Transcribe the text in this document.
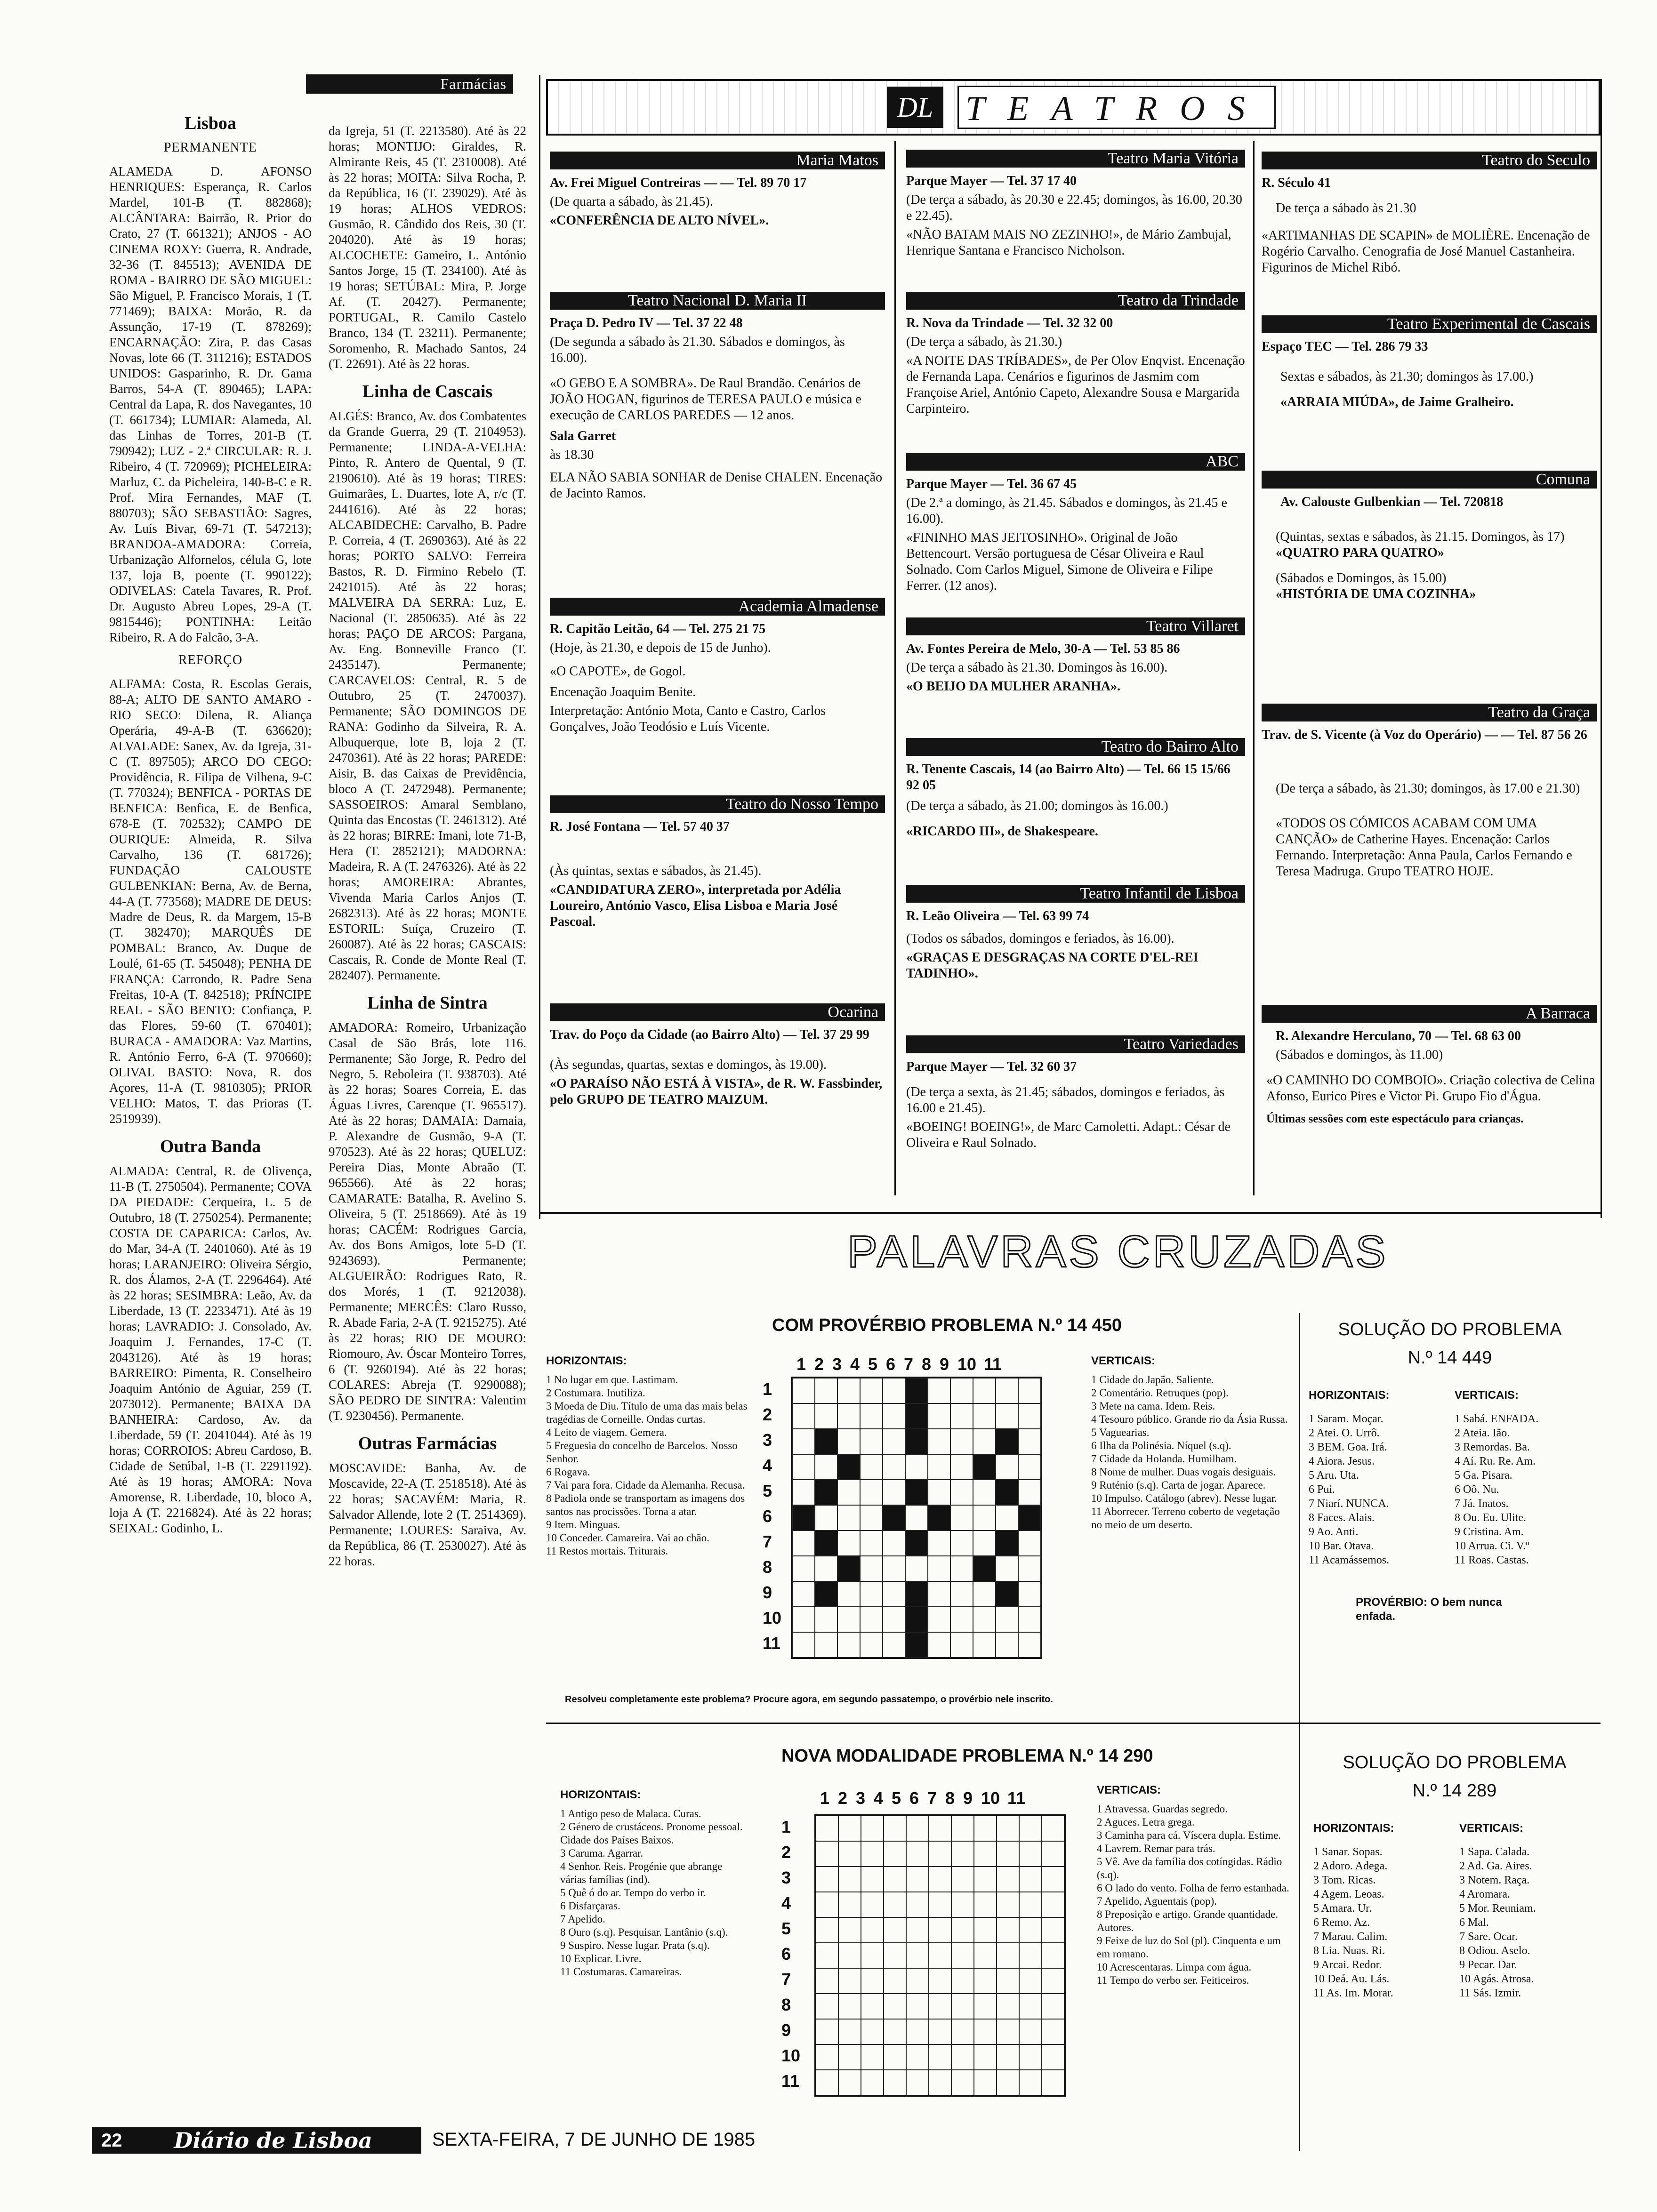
Farmácias
Lisboa
PERMANENTE

ALAMEDA D. AFONSO HENRIQUES: Esperança, R. Carlos Mardel, 101-B (T. 882868); ALCÂNTARA: Bairrão, R. Prior do Crato, 27 (T. 661321); ANJOS - AO CINEMA ROXY: Guerra, R. Andrade, 32-36 (T. 845513); AVENIDA DE ROMA - BAIRRO DE SÃO MIGUEL: São Miguel, P. Francisco Morais, 1 (T. 771469); BAIXA: Morão, R. da Assunção, 17-19 (T. 878269); ENCARNAÇÃO: Zira, P. das Casas Novas, lote 66 (T. 311216); ESTADOS UNIDOS: Gasparinho, R. Dr. Gama Barros, 54-A (T. 890465); LAPA: Central da Lapa, R. dos Navegantes, 10 (T. 661734); LUMIAR: Alameda, Al. das Linhas de Torres, 201-B (T. 790942); LUZ - 2.ª CIRCULAR: R. J. Ribeiro, 4 (T. 720969); PICHELEIRA: Marluz, C. da Picheleira, 140-B-C e R. Prof. Mira Fernandes, MAF (T. 880703); SÃO SEBASTIÃO: Sagres, Av. Luís Bivar, 69-71 (T. 547213); BRANDOA-AMADORA: Correia, Urbanização Alfornelos, célula G, lote 137, loja B, poente (T. 990122); ODIVELAS: Catela Tavares, R. Prof. Dr. Augusto Abreu Lopes, 29-A (T. 9815446); PONTINHA: Leitão Ribeiro, R. A do Falcão, 3-A.

REFORÇO

ALFAMA: Costa, R. Escolas Gerais, 88-A; ALTO DE SANTO AMARO - RIO SECO: Dilena, R. Aliança Operária, 49-A-B (T. 636620); ALVALADE: Sanex, Av. da Igreja, 31-C (T. 897505); ARCO DO CEGO: Providência, R. Filipa de Vilhena, 9-C (T. 770324); BENFICA - PORTAS DE BENFICA: Benfica, E. de Benfica, 678-E (T. 702532); CAMPO DE OURIQUE: Almeida, R. Silva Carvalho, 136 (T. 681726); FUNDAÇÃO CALOUSTE GULBENKIAN: Berna, Av. de Berna, 44-A (T. 773568); MADRE DE DEUS: Madre de Deus, R. da Margem, 15-B (T. 382470); MARQUÊS DE POMBAL: Branco, Av. Duque de Loulé, 61-65 (T. 545048); PENHA DE FRANÇA: Carrondo, R. Padre Sena Freitas, 10-A (T. 842518); PRÍNCIPE REAL - SÃO BENTO: Confiança, P. das Flores, 59-60 (T. 670401); BURACA - AMADORA: Vaz Martins, R. António Ferro, 6-A (T. 970660); OLIVAL BASTO: Nova, R. dos Açores, 11-A (T. 9810305); PRIOR VELHO: Matos, T. das Prioras (T. 2519939).

Outra Banda

ALMADA: Central, R. de Olivença, 11-B (T. 2750504). Permanente; COVA DA PIEDADE: Cerqueira, L. 5 de Outubro, 18 (T. 2750254). Permanente; COSTA DE CAPARICA: Carlos, Av. do Mar, 34-A (T. 2401060). Até às 19 horas; LARANJEIRO: Oliveira Sérgio, R. dos Álamos, 2-A (T. 2296464). Até às 22 horas; SESIMBRA: Leão, Av. da Liberdade, 13 (T. 2233471). Até às 19 horas; LAVRADIO: J. Consolado, Av. Joaquim J. Fernandes, 17-C (T. 2043126). Até às 19 horas; BARREIRO: Pimenta, R. Conselheiro Joaquim António de Aguiar, 259 (T. 2073012). Permanente; BAIXA DA BANHEIRA: Cardoso, Av. da Liberdade, 59 (T. 2041044). Até às 19 horas; CORROIOS: Abreu Cardoso, B. Cidade de Setúbal, 1-B (T. 2291192). Até às 19 horas; AMORA: Nova Amorense, R. Liberdade, 10, bloco A, loja A (T. 2216824). Até às 22 horas; SEIXAL: Godinho, L.

da Igreja, 51 (T. 2213580). Até às 22 horas; MONTIJO: Giraldes, R. Almirante Reis, 45 (T. 2310008). Até às 22 horas; MOITA: Silva Rocha, P. da República, 16 (T. 239029). Até às 19 horas; ALHOS VEDROS: Gusmão, R. Cândido dos Reis, 30 (T. 204020). Até às 19 horas; ALCOCHETE: Gameiro, L. António Santos Jorge, 15 (T. 234100). Até às 19 horas; SETÚBAL: Mira, P. Jorge Af. (T. 20427). Permanente; PORTUGAL, R. Camilo Castelo Branco, 134 (T. 23211). Permanente; Soromenho, R. Machado Santos, 24 (T. 22691). Até às 22 horas.

Linha de Cascais

ALGÉS: Branco, Av. dos Combatentes da Grande Guerra, 29 (T. 2104953). Permanente; LINDA-A-VELHA: Pinto, R. Antero de Quental, 9 (T. 2190610). Até às 19 horas; TIRES: Guimarães, L. Duartes, lote A, r/c (T. 2441616). Até às 22 horas; ALCABIDECHE: Carvalho, B. Padre P. Correia, 4 (T. 2690363). Até às 22 horas; PORTO SALVO: Ferreira Bastos, R. D. Firmino Rebelo (T. 2421015). Até às 22 horas; MALVEIRA DA SERRA: Luz, E. Nacional (T. 2850635). Até às 22 horas; PAÇO DE ARCOS: Pargana, Av. Eng. Bonneville Franco (T. 2435147). Permanente; CARCAVELOS: Central, R. 5 de Outubro, 25 (T. 2470037). Permanente; SÃO DOMINGOS DE RANA: Godinho da Silveira, R. A. Albuquerque, lote B, loja 2 (T. 2470361). Até às 22 horas; PAREDE: Aisir, B. das Caixas de Previdência, bloco A (T. 2472948). Permanente; SASSOEIROS: Amaral Semblano, Quinta das Encostas (T. 2461312). Até às 22 horas; BIRRE: Imani, lote 71-B, Hera (T. 2852121); MADORNA: Madeira, R. A (T. 2476326). Até às 22 horas; AMOREIRA: Abrantes, Vivenda Maria Carlos Anjos (T. 2682313). Até às 22 horas; MONTE ESTORIL: Suíça, Cruzeiro (T. 260087). Até às 22 horas; CASCAIS: Cascais, R. Conde de Monte Real (T. 282407). Permanente.

Linha de Sintra

AMADORA: Romeiro, Urbanização Casal de São Brás, lote 116. Permanente; São Jorge, R. Pedro del Negro, 5. Reboleira (T. 938703). Até às 22 horas; Soares Correia, E. das Águas Livres, Carenque (T. 965517). Até às 22 horas; DAMAIA: Damaia, P. Alexandre de Gusmão, 9-A (T. 970523). Até às 22 horas; QUELUZ: Pereira Dias, Monte Abraão (T. 965566). Até às 22 horas; CAMARATE: Batalha, R. Avelino S. Oliveira, 5 (T. 2518669). Até às 19 horas; CACÉM: Rodrigues Garcia, Av. dos Bons Amigos, lote 5-D (T. 9243693). Permanente; ALGUEIRÃO: Rodrigues Rato, R. dos Morés, 1 (T. 9212038). Permanente; MERCÊS: Claro Russo, R. Abade Faria, 2-A (T. 9215275). Até às 22 horas; RIO DE MOURO: Riomouro, Av. Óscar Monteiro Torres, 6 (T. 9260194). Até às 22 horas; COLARES: Abreja (T. 9290088); SÃO PEDRO DE SINTRA: Valentim (T. 9230456). Permanente.

Outras Farmácias

MOSCAVIDE: Banha, Av. de Moscavide, 22-A (T. 2518518). Até às 22 horas; SACAVÉM: Maria, R. Salvador Allende, lote 2 (T. 2514369). Permanente; LOURES: Saraiva, Av. da República, 86 (T. 2530027). Até às 22 horas.

DL TEATROS
Maria Matos
Av. Frei Miguel Contreiras — — Tel. 89 70 17
(De quarta a sábado, às 21.45).
«CONFERÊNCIA DE ALTO NÍVEL».
Teatro Nacional D. Maria II
Praça D. Pedro IV — Tel. 37 22 48
(De segunda a sábado às 21.30. Sábados e domingos, às 16.00).
«O GEBO E A SOMBRA». De Raul Brandão. Cenários de JOÃO HOGAN, figurinos de TERESA PAULO e música e execução de CARLOS PAREDES — 12 anos.
Sala Garret
às 18.30
ELA NÃO SABIA SONHAR de Denise CHALEN. Encenação de Jacinto Ramos.
Academia Almadense
R. Capitão Leitão, 64 — Tel. 275 21 75
(Hoje, às 21.30, e depois de 15 de Junho).
«O CAPOTE», de Gogol.
Encenação Joaquim Benite.
Interpretação: António Mota, Canto e Castro, Carlos Gonçalves, João Teodósio e Luís Vicente.
Teatro do Nosso Tempo
R. José Fontana — Tel. 57 40 37
(Às quintas, sextas e sábados, às 21.45).
«CANDIDATURA ZERO», interpretada por Adélia Loureiro, António Vasco, Elisa Lisboa e Maria José Pascoal.
Ocarina
Trav. do Poço da Cidade (ao Bairro Alto) — Tel. 37 29 99
(Às segundas, quartas, sextas e domingos, às 19.00).
«O PARAÍSO NÃO ESTÁ À VISTA», de R. W. Fassbinder, pelo GRUPO DE TEATRO MAIZUM.
Teatro Maria Vitória
Parque Mayer — Tel. 37 17 40
(De terça a sábado, às 20.30 e 22.45; domingos, às 16.00, 20.30 e 22.45).
«NÃO BATAM MAIS NO ZEZINHO!», de Mário Zambujal, Henrique Santana e Francisco Nicholson.
Teatro da Trindade
R. Nova da Trindade — Tel. 32 32 00
(De terça a sábado, às 21.30.)
«A NOITE DAS TRÍBADES», de Per Olov Enqvist. Encenação de Fernanda Lapa. Cenários e figurinos de Jasmim com Françoise Ariel, António Capeto, Alexandre Sousa e Margarida Carpinteiro.
ABC
Parque Mayer — Tel. 36 67 45
(De 2.ª a domingo, às 21.45. Sábados e domingos, às 21.45 e 16.00).
«FININHO MAS JEITOSINHO». Original de João Bettencourt. Versão portuguesa de César Oliveira e Raul Solnado. Com Carlos Miguel, Simone de Oliveira e Filipe Ferrer. (12 anos).
Teatro Villaret
Av. Fontes Pereira de Melo, 30-A — Tel. 53 85 86
(De terça a sábado às 21.30. Domingos às 16.00).
«O BEIJO DA MULHER ARANHA».
Teatro do Bairro Alto
R. Tenente Cascais, 14 (ao Bairro Alto) — Tel. 66 15 15/66 92 05
(De terça a sábado, às 21.00; domingos às 16.00.)
«RICARDO III», de Shakespeare.
Teatro Infantil de Lisboa
R. Leão Oliveira — Tel. 63 99 74
(Todos os sábados, domingos e feriados, às 16.00).
«GRAÇAS E DESGRAÇAS NA CORTE D'EL-REI TADINHO».
Teatro Variedades
Parque Mayer — Tel. 32 60 37
(De terça a sexta, às 21.45; sábados, domingos e feriados, às 16.00 e 21.45).
«BOEING! BOEING!», de Marc Camoletti. Adapt.: César de Oliveira e Raul Solnado.
Teatro do Seculo
R. Século 41
De terça a sábado às 21.30
«ARTIMANHAS DE SCAPIN» de MOLIÈRE. Encenação de Rogério Carvalho. Cenografia de José Manuel Castanheira. Figurinos de Michel Ribó.
Teatro Experimental de Cascais
Espaço TEC — Tel. 286 79 33
Sextas e sábados, às 21.30; domingos às 17.00.)
«ARRAIA MIÚDA», de Jaime Gralheiro.
Comuna
Av. Calouste Gulbenkian — Tel. 720818
(Quintas, sextas e sábados, às 21.15. Domingos, às 17)
«QUATRO PARA QUATRO»
(Sábados e Domingos, às 15.00)
«HISTÓRIA DE UMA COZINHA»
Teatro da Graça
Trav. de S. Vicente (à Voz do Operário) — — Tel. 87 56 26
(De terça a sábado, às 21.30; domingos, às 17.00 e 21.30)
«TODOS OS CÓMICOS ACABAM COM UMA CANÇÃO» de Catherine Hayes. Encenação: Carlos Fernando. Interpretação: Anna Paula, Carlos Fernando e Teresa Madruga. Grupo TEATRO HOJE.
A Barraca
R. Alexandre Herculano, 70 — Tel. 68 63 00
(Sábados e domingos, às 11.00)
«O CAMINHO DO COMBOIO». Criação colectiva de Celina Afonso, Eurico Pires e Victor Pi. Grupo Fio d'Água.
Últimas sessões com este espectáculo para crianças.
PALAVRAS CRUZADAS
COM PROVÉRBIO PROBLEMA N.º 14 450
HORIZONTAIS:
1 No lugar em que. Lastimam.
2 Costumara. Inutiliza.
3 Moeda de Diu. Título de uma das mais belas tragédias de Corneille. Ondas curtas.
4 Leito de viagem. Gemera.
5 Freguesia do concelho de Barcelos. Nosso Senhor.
6 Rogava.
7 Vai para fora. Cidade da Alemanha. Recusa.
8 Padiola onde se transportam as imagens dos santos nas procissões. Torna a atar.
9 Item. Minguas.
10 Conceder. Camareira. Vai ao chão.
11 Restos mortais. Triturais.
1 2 3 4 5 6 7 8 9 10 11
1
2
3
4
5
6
7
8
9
10
11
VERTICAIS:
1 Cidade do Japão. Saliente.
2 Comentário. Retruques (pop).
3 Mete na cama. Idem. Reis.
4 Tesouro público. Grande rio da Ásia Russa.
5 Vaguearias.
6 Ilha da Polinésia. Níquel (s.q).
7 Cidade da Holanda. Humilham.
8 Nome de mulher. Duas vogais desiguais.
9 Ruténio (s.q). Carta de jogar. Aparece.
10 Impulso. Catálogo (abrev). Nesse lugar.
11 Aborrecer. Terreno coberto de vegetação no meio de um deserto.
Resolveu completamente este problema? Procure agora, em segundo passatempo, o provérbio nele inscrito.
SOLUÇÃO DO PROBLEMA
N.º 14 449
HORIZONTAIS:
1 Saram. Moçar.
2 Atei. O. Urrô.
3 BEM. Goa. Irá.
4 Aiora. Jesus.
5 Aru. Uta.
6 Pui.
7 Niarí. NUNCA.
8 Faces. Alais.
9 Ao. Anti.
10 Bar. Otava.
11 Acamássemos.
VERTICAIS:
1 Sabá. ENFADA.
2 Ateia. Ião.
3 Remordas. Ba.
4 Aí. Ru. Re. Am.
5 Ga. Pisara.
6 Oô. Nu.
7 Já. Inatos.
8 Ou. Eu. Ulite.
9 Cristina. Am.
10 Arrua. Ci. V.º
11 Roas. Castas.
PROVÉRBIO: O bem nunca enfada.
NOVA MODALIDADE PROBLEMA N.º 14 290
HORIZONTAIS:
1 Antigo peso de Malaca. Curas.
2 Género de crustáceos. Pronome pessoal. Cidade dos Países Baixos.
3 Caruma. Agarrar.
4 Senhor. Reis. Progénie que abrange várias famílias (ind).
5 Quê ó do ar. Tempo do verbo ir.
6 Disfarçaras.
7 Apelido.
8 Ouro (s.q). Pesquisar. Lantânio (s.q).
9 Suspiro. Nesse lugar. Prata (s.q).
10 Explicar. Livre.
11 Costumaras. Camareiras.
1 2 3 4 5 6 7 8 9 10 11
1
2
3
4
5
6
7
8
9
10
11
VERTICAIS:
1 Atravessa. Guardas segredo.
2 Aguces. Letra grega.
3 Caminha para cá. Víscera dupla. Estime.
4 Lavrem. Remar para trás.
5 Vê. Ave da família dos cotíngidas. Rádio (s.q).
6 O lado do vento. Folha de ferro estanhada.
7 Apelido, Aguentais (pop).
8 Preposição e artigo. Grande quantidade. Autores.
9 Feixe de luz do Sol (pl). Cinquenta e um em romano.
10 Acrescentaras. Limpa com água.
11 Tempo do verbo ser. Feiticeiros.
SOLUÇÃO DO PROBLEMA
N.º 14 289
HORIZONTAIS:
1 Sanar. Sopas.
2 Adoro. Adega.
3 Tom. Ricas.
4 Agem. Leoas.
5 Amara. Ur.
6 Remo. Az.
7 Marau. Calim.
8 Lia. Nuas. Ri.
9 Arcai. Redor.
10 Deá. Au. Lás.
11 As. Im. Morar.
VERTICAIS:
1 Sapa. Calada.
2 Ad. Ga. Aires.
3 Notem. Raça.
4 Aromara.
5 Mor. Reuniam.
6 Mal.
7 Sare. Ocar.
8 Odiou. Aselo.
9 Pecar. Dar.
10 Agás. Atrosa.
11 Sás. Izmir.
22	Diário de Lisboa	SEXTA-FEIRA, 7 DE JUNHO DE 1985
